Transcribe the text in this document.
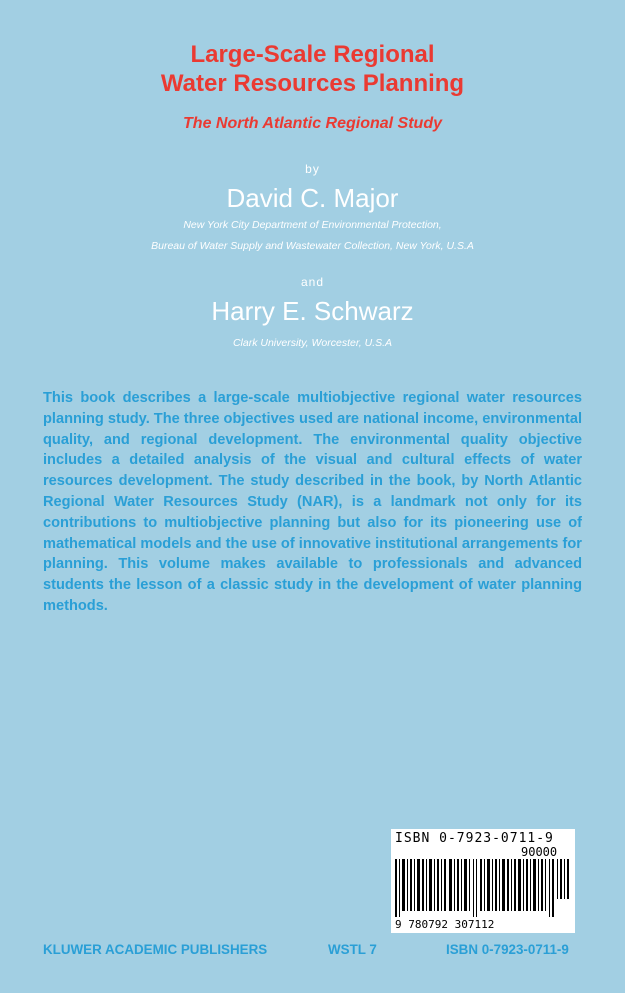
Large-Scale Regional
Water Resources Planning
The North Atlantic Regional Study
by
David C. Major
New York City Department of Environmental Protection,
Bureau of Water Supply and Wastewater Collection, New York, U.S.A
and
Harry E. Schwarz
Clark University, Worcester, U.S.A

This book describes a large-scale multiobjective regional water resources planning study. The three objectives used are national income, environmental quality, and regional development. The environmental quality objective includes a detailed analysis of the visual and cultural effects of water resources development. The study described in the book, by North Atlantic Regional Water Resources Study (NAR), is a landmark not only for its contributions to multiobjective planning but also for its pioneering use of mathematical models and the use of innovative institutional arrangements for planning. This volume makes available to professionals and advanced students the lesson of a classic study in the development of water planning methods.

ISBN 0-7923-0711-9
90000
9 780792 307112
KLUWER ACADEMIC PUBLISHERS	WSTL 7	ISBN 0-7923-0711-9
